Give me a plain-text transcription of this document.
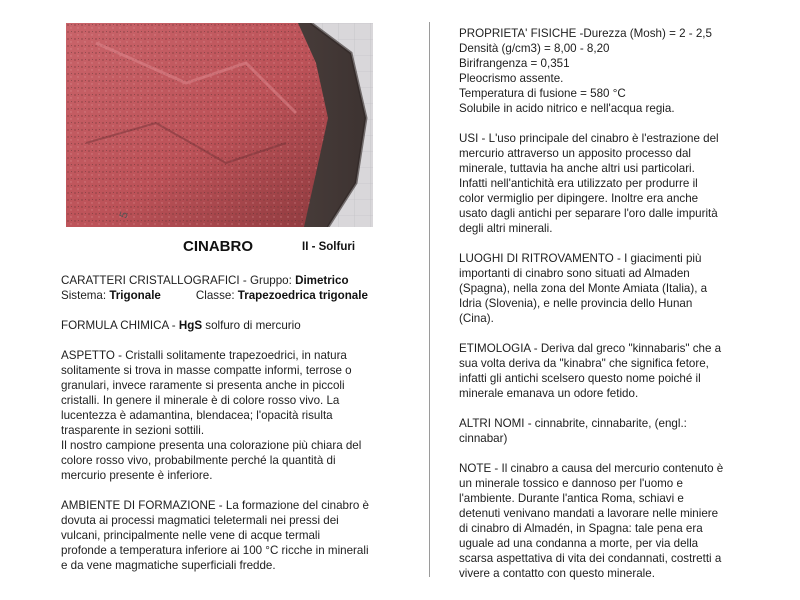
5
CINABRO	II - Solfuri
CARATTERI CRISTALLOGRAFICI - Gruppo: Dimetrico
Sistema: Trigonale	Classe: Trapezoedrica trigonale
FORMULA CHIMICA - HgS solfuro di mercurio
ASPETTO - Cristalli solitamente trapezoedrici, in natura
solitamente si trova in masse compatte informi, terrose o
granulari, invece raramente si presenta anche in piccoli
cristalli. In genere il minerale è di colore rosso vivo. La
lucentezza è adamantina, blendacea; l'opacità risulta
trasparente in sezioni sottili.
Il nostro campione presenta una colorazione più chiara del
colore rosso vivo, probabilmente perché la quantità di
mercurio presente è inferiore.
AMBIENTE DI FORMAZIONE - La formazione del cinabro è
dovuta ai processi magmatici teletermali nei pressi dei
vulcani, principalmente nelle vene di acque termali
profonde a temperatura inferiore ai 100 °C ricche in minerali
e da vene magmatiche superficiali fredde.
PROPRIETA' FISICHE -Durezza (Mosh) = 2 - 2,5
Densità (g/cm3) = 8,00 - 8,20
Birifrangenza = 0,351
Pleocrismo assente.
Temperatura di fusione = 580 °C
Solubile in acido nitrico e nell'acqua regia.
USI - L'uso principale del cinabro è l'estrazione del
mercurio attraverso un apposito processo dal
minerale, tuttavia ha anche altri usi particolari.
Infatti nell'antichità era utilizzato per produrre il
color vermiglio per dipingere. Inoltre era anche
usato dagli antichi per separare l'oro dalle impurità
degli altri minerali.
LUOGHI DI RITROVAMENTO - I giacimenti più
importanti di cinabro sono situati ad Almaden
(Spagna), nella zona del Monte Amiata (Italia), a
Idria (Slovenia), e nelle provincia dello Hunan
(Cina).
ETIMOLOGIA - Deriva dal greco "kinnabaris" che a
sua volta deriva da "kinabra" che significa fetore,
infatti gli antichi scelsero questo nome poiché il
minerale emanava un odore fetido.
ALTRI NOMI - cinnabrite, cinnabarite, (engl.:
cinnabar)
NOTE - Il cinabro a causa del mercurio contenuto è
un minerale tossico e dannoso per l'uomo e
l'ambiente. Durante l'antica Roma, schiavi e
detenuti venivano mandati a lavorare nelle miniere
di cinabro di Almadén, in Spagna: tale pena era
uguale ad una condanna a morte, per via della
scarsa aspettativa di vita dei condannati, costretti a
vivere a contatto con questo minerale.
